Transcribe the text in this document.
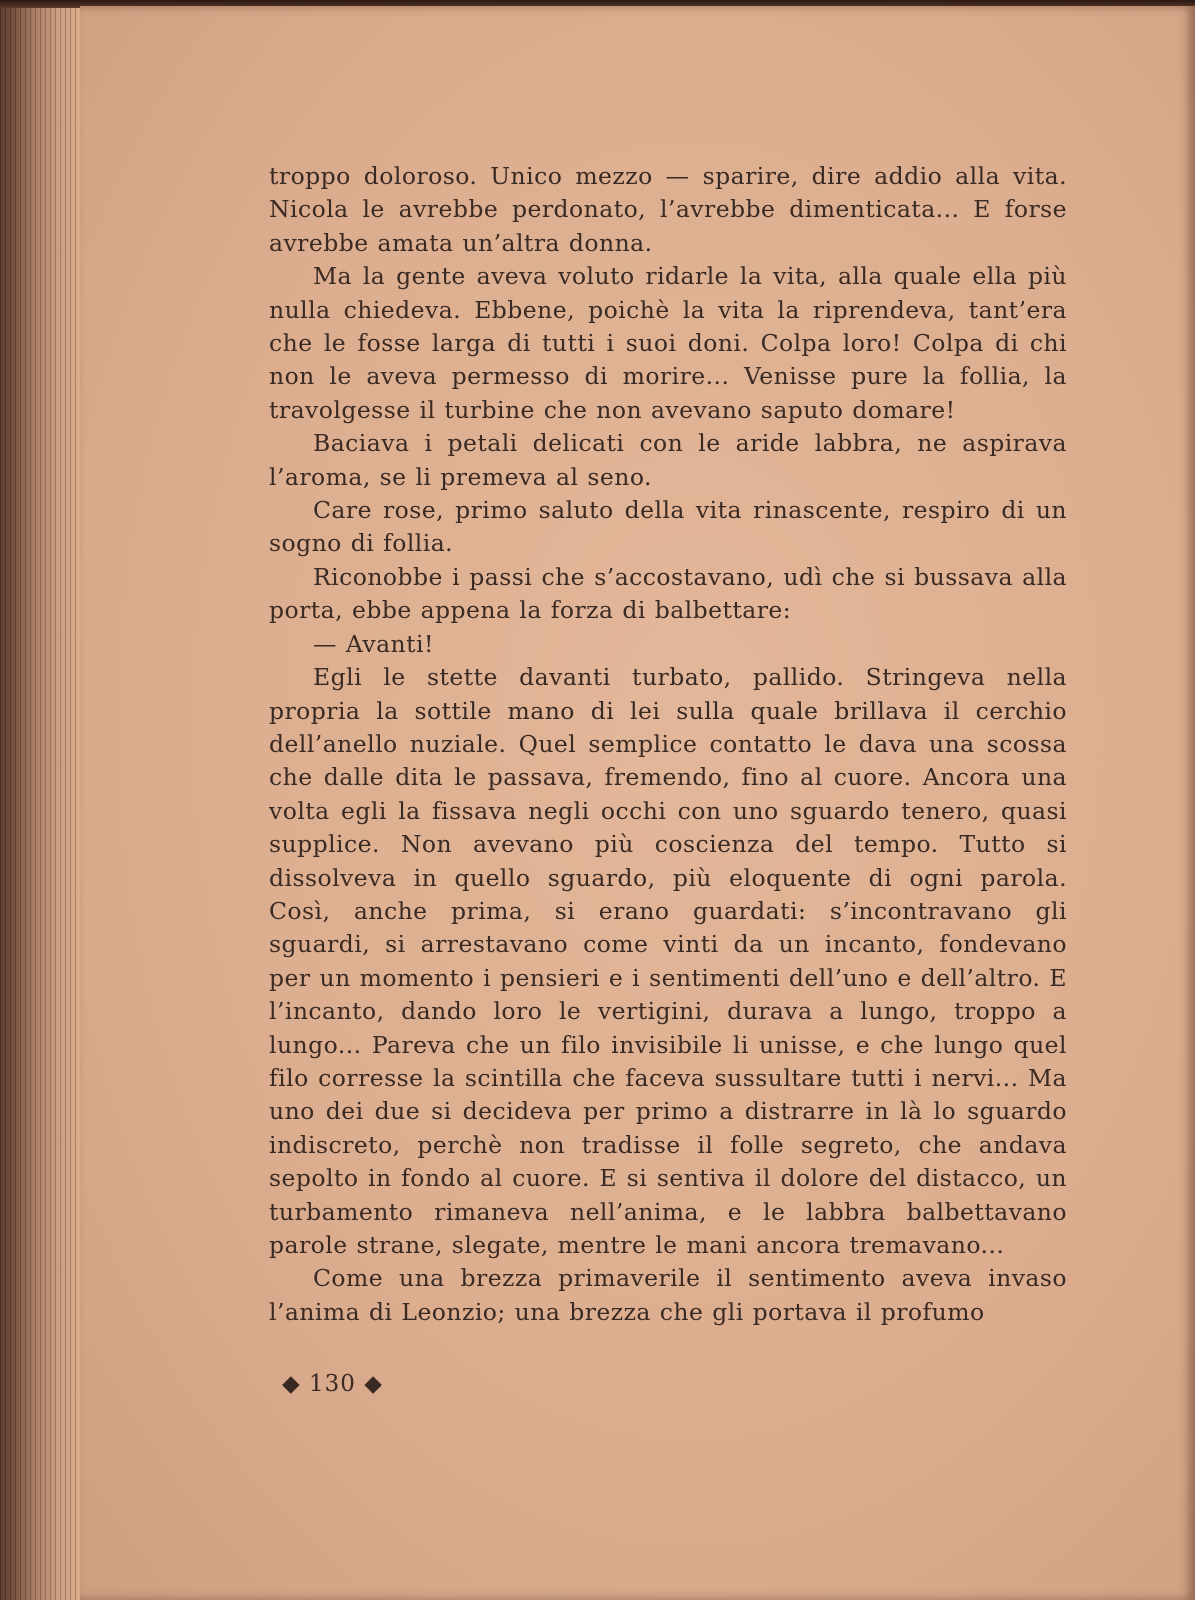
troppo doloroso. Unico mezzo — sparire, dire addio alla vita. Nicola le avrebbe perdonato, l’avrebbe dimenticata... E forse avrebbe amata un’altra donna.

Ma la gente aveva voluto ridarle la vita, alla quale ella più nulla chiedeva. Ebbene, poichè la vita la riprendeva, tant’era che le fosse larga di tutti i suoi doni. Colpa loro! Colpa di chi non le aveva permesso di morire... Venisse pure la follia, la travolgesse il turbine che non avevano saputo domare!

Baciava i petali delicati con le aride labbra, ne aspirava l’aroma, se li premeva al seno.

Care rose, primo saluto della vita rinascente, respiro di un sogno di follia.

Riconobbe i passi che s’accostavano, udì che si bussava alla porta, ebbe appena la forza di balbettare:

— Avanti!

Egli le stette davanti turbato, pallido. Stringeva nella propria la sottile mano di lei sulla quale brillava il cerchio dell’anello nuziale. Quel semplice contatto le dava una scossa che dalle dita le passava, fremendo, fino al cuore. Ancora una volta egli la fissava negli occhi con uno sguardo tenero, quasi supplice. Non avevano più coscienza del tempo. Tutto si dissolveva in quello sguardo, più eloquente di ogni parola. Così, anche prima, si erano guardati: s’incontravano gli sguardi, si arrestavano come vinti da un incanto, fondevano per un momento i pensieri e i sentimenti dell’uno e dell’altro. E l’incanto, dando loro le vertigini, durava a lungo, troppo a lungo... Pareva che un filo invisibile li unisse, e che lungo quel filo corresse la scintilla che faceva sussultare tutti i nervi... Ma uno dei due si decideva per primo a distrarre in là lo sguardo indiscreto, perchè non tradisse il folle segreto, che andava sepolto in fondo al cuore. E si sentiva il dolore del distacco, un turbamento rimaneva nell’anima, e le labbra balbettavano parole strane, slegate, mentre le mani ancora tremavano...

Come una brezza primaverile il sentimento aveva invaso l’anima di Leonzio; una brezza che gli portava il profumo

◆ 130 ◆
